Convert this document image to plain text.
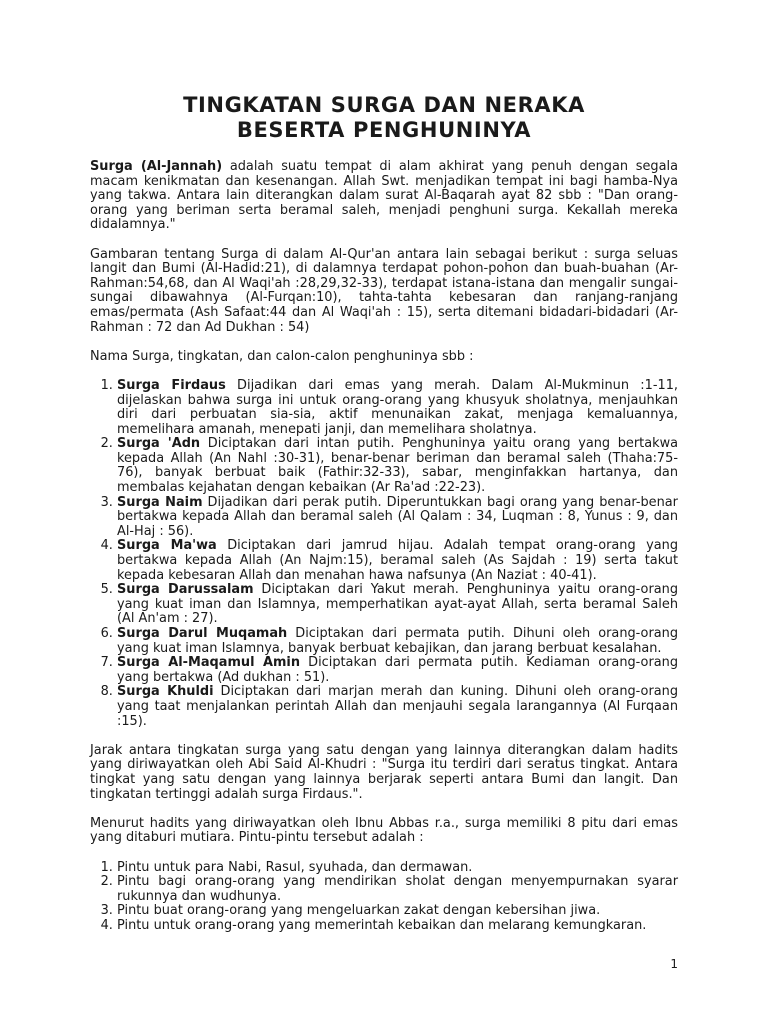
TINGKATAN SURGA DAN NERAKA
BESERTA PENGHUNINYA

Surga (Al-Jannah) adalah suatu tempat di alam akhirat yang penuh dengan segala macam kenikmatan dan kesenangan. Allah Swt. menjadikan tempat ini bagi hamba-Nya yang takwa. Antara lain diterangkan dalam surat Al-Baqarah ayat 82 sbb : "Dan orang-orang yang beriman serta beramal saleh, menjadi penghuni surga. Kekallah mereka didalamnya."

Gambaran tentang Surga di dalam Al-Qur'an antara lain sebagai berikut : surga seluas langit dan Bumi (Al-Hadid:21), di dalamnya terdapat pohon-pohon dan buah-buahan (Ar-Rahman:54,68, dan Al Waqi'ah :28,29,32-33), terdapat istana-istana dan mengalir sungai-sungai dibawahnya (Al-Furqan:10), tahta-tahta kebesaran dan ranjang-ranjang emas/permata (Ash Safaat:44 dan Al Waqi'ah : 15), serta ditemani bidadari-bidadari (Ar-Rahman : 72 dan Ad Dukhan : 54)

Nama Surga, tingkatan, dan calon-calon penghuninya sbb :

1. Surga Firdaus Dijadikan dari emas yang merah. Dalam Al-Mukminun :1-11, dijelaskan bahwa surga ini untuk orang-orang yang khusyuk sholatnya, menjauhkan diri dari perbuatan sia-sia, aktif menunaikan zakat, menjaga kemaluannya, memelihara amanah, menepati janji, dan memelihara sholatnya.
2. Surga 'Adn Diciptakan dari intan putih. Penghuninya yaitu orang yang bertakwa kepada Allah (An Nahl :30-31), benar-benar beriman dan beramal saleh (Thaha:75-76), banyak berbuat baik (Fathir:32-33), sabar, menginfakkan hartanya, dan membalas kejahatan dengan kebaikan (Ar Ra'ad :22-23).
3. Surga Naim Dijadikan dari perak putih. Diperuntukkan bagi orang yang benar-benar bertakwa kepada Allah dan beramal saleh (Al Qalam : 34, Luqman : 8, Yunus : 9, dan Al-Haj : 56).
4. Surga Ma'wa Diciptakan dari jamrud hijau. Adalah tempat orang-orang yang bertakwa kepada Allah (An Najm:15), beramal saleh (As Sajdah : 19) serta takut kepada kebesaran Allah dan menahan hawa nafsunya (An Naziat : 40-41).
5. Surga Darussalam Diciptakan dari Yakut merah. Penghuninya yaitu orang-orang yang kuat iman dan Islamnya, memperhatikan ayat-ayat Allah, serta beramal Saleh (Al An'am : 27).
6. Surga Darul Muqamah Diciptakan dari permata putih. Dihuni oleh orang-orang yang kuat iman Islamnya, banyak berbuat kebajikan, dan jarang berbuat kesalahan.
7. Surga Al-Maqamul Amin Diciptakan dari permata putih. Kediaman orang-orang yang bertakwa (Ad dukhan : 51).
8. Surga Khuldi Diciptakan dari marjan merah dan kuning. Dihuni oleh orang-orang yang taat menjalankan perintah Allah dan menjauhi segala larangannya (Al Furqaan :15).

Jarak antara tingkatan surga yang satu dengan yang lainnya diterangkan dalam hadits yang diriwayatkan oleh Abi Said Al-Khudri : "Surga itu terdiri dari seratus tingkat. Antara tingkat yang satu dengan yang lainnya berjarak seperti antara Bumi dan langit. Dan tingkatan tertinggi adalah surga Firdaus.".

Menurut hadits yang diriwayatkan oleh Ibnu Abbas r.a., surga memiliki 8 pitu dari emas yang ditaburi mutiara. Pintu-pintu tersebut adalah :

1. Pintu untuk para Nabi, Rasul, syuhada, dan dermawan.
2. Pintu bagi orang-orang yang mendirikan sholat dengan menyempurnakan syarar rukunnya dan wudhunya.
3. Pintu buat orang-orang yang mengeluarkan zakat dengan kebersihan jiwa.
4. Pintu untuk orang-orang yang memerintah kebaikan dan melarang kemungkaran.
1
